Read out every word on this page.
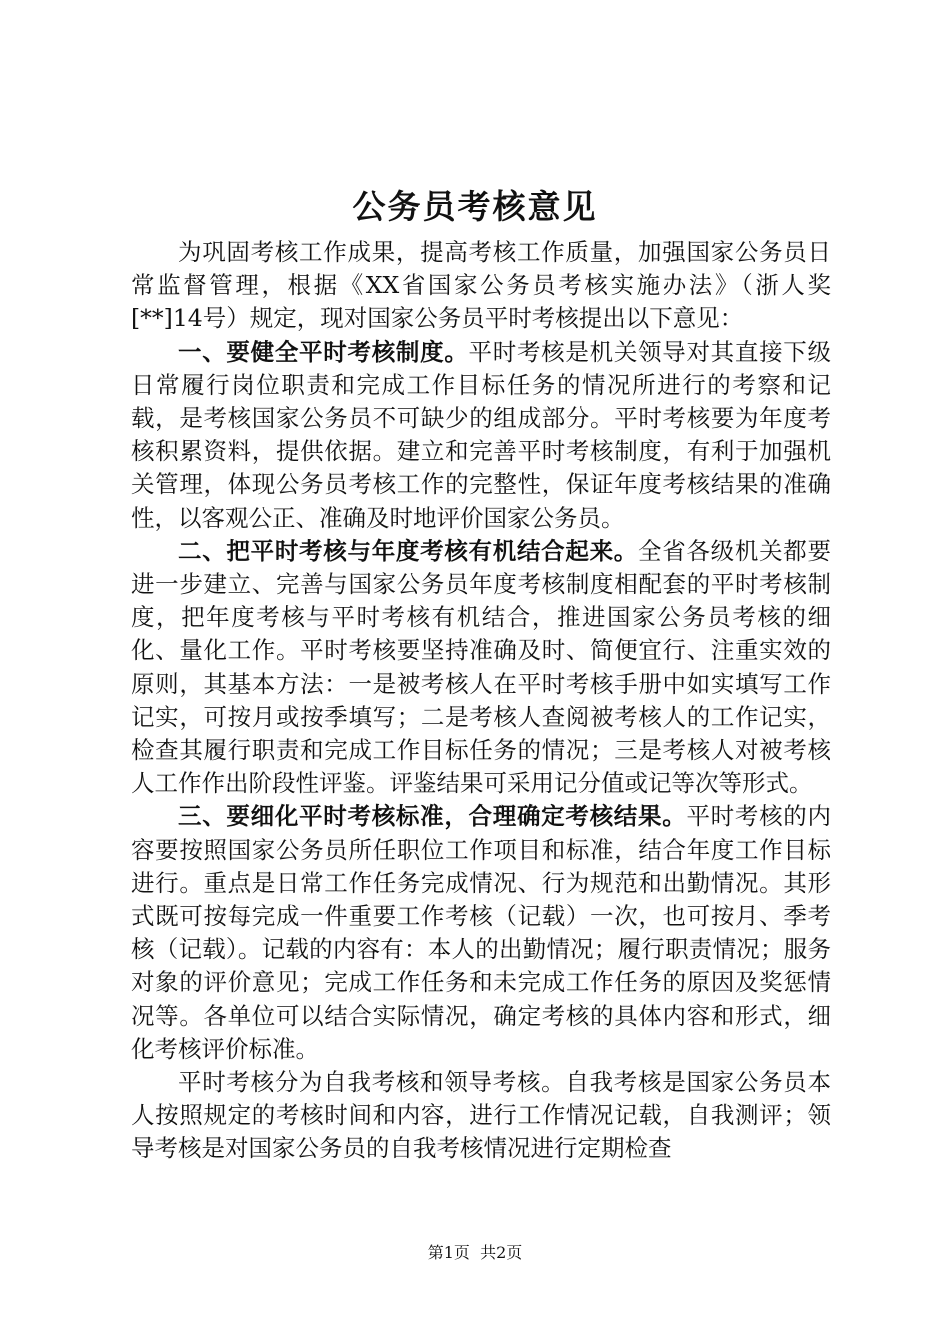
公务员考核意见

为巩固考核工作成果，提高考核工作质量，加强国家公务员日常监督管理，根据《XX省国家公务员考核实施办法》（浙人奖[**]14号）规定，现对国家公务员平时考核提出以下意见：

一、要健全平时考核制度。平时考核是机关领导对其直接下级日常履行岗位职责和完成工作目标任务的情况所进行的考察和记载，是考核国家公务员不可缺少的组成部分。平时考核要为年度考核积累资料，提供依据。建立和完善平时考核制度，有利于加强机关管理，体现公务员考核工作的完整性，保证年度考核结果的准确性，以客观公正、准确及时地评价国家公务员。

二、把平时考核与年度考核有机结合起来。全省各级机关都要进一步建立、完善与国家公务员年度考核制度相配套的平时考核制度，把年度考核与平时考核有机结合，推进国家公务员考核的细化、量化工作。平时考核要坚持准确及时、简便宜行、注重实效的原则，其基本方法：一是被考核人在平时考核手册中如实填写工作记实，可按月或按季填写；二是考核人查阅被考核人的工作记实，检查其履行职责和完成工作目标任务的情况；三是考核人对被考核人工作作出阶段性评鉴。评鉴结果可采用记分值或记等次等形式。

三、要细化平时考核标准，合理确定考核结果。平时考核的内容要按照国家公务员所任职位工作项目和标准，结合年度工作目标进行。重点是日常工作任务完成情况、行为规范和出勤情况。其形式既可按每完成一件重要工作考核（记载）一次，也可按月、季考核（记载）。记载的内容有：本人的出勤情况；履行职责情况；服务对象的评价意见；完成工作任务和未完成工作任务的原因及奖惩情况等。各单位可以结合实际情况，确定考核的具体内容和形式，细化考核评价标准。

平时考核分为自我考核和领导考核。自我考核是国家公务员本人按照规定的考核时间和内容，进行工作情况记载，自我测评；领导考核是对国家公务员的自我考核情况进行定期检查

第1页 共2页
